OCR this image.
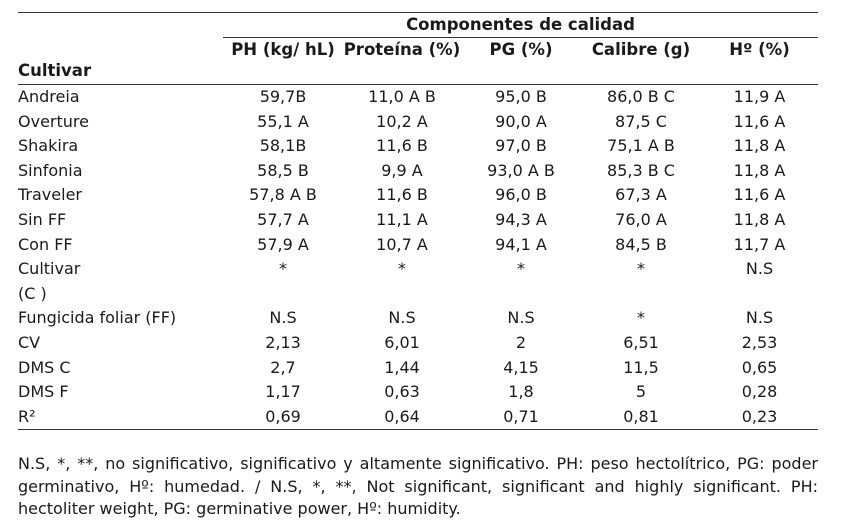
	Componentes de calidad				
Cultivar	PH (kg/ hL)	Proteína (%)	PG (%)	Calibre (g)	Hº (%)
Andreia	59,7B	11,0 A B	95,0 B	86,0 B C	11,9 A
Overture	55,1 A	10,2 A	90,0 A	87,5 C	11,6 A
Shakira	58,1B	11,6 B	97,0 B	75,1 A B	11,8 A
Sinfonia	58,5 B	9,9 A	93,0 A B	85,3 B C	11,8 A
Traveler	57,8 A B	11,6 B	96,0 B	67,3 A	11,6 A
Sin FF	57,7 A	11,1 A	94,3 A	76,0 A	11,8 A
Con FF	57,9 A	10,7 A	94,1 A	84,5 B	11,7 A
Cultivar (C )	*	*	*	*	N.S
Fungicida foliar (FF)	N.S	N.S	N.S	*	N.S
CV	2,13	6,01	2	6,51	2,53
DMS C	2,7	1,44	4,15	11,5	0,65
DMS F	1,17	0,63	1,8	5	0,28
R²	0,69	0,64	0,71	0,81	0,23
N.S, *, **, no significativo, significativo y altamente significativo. PH: peso hectolítrico, PG: poder germinativo, Hº: humedad. / N.S, *, **, Not significant, significant and highly significant. PH: hectoliter weight, PG: germinative power, Hº: humidity.
